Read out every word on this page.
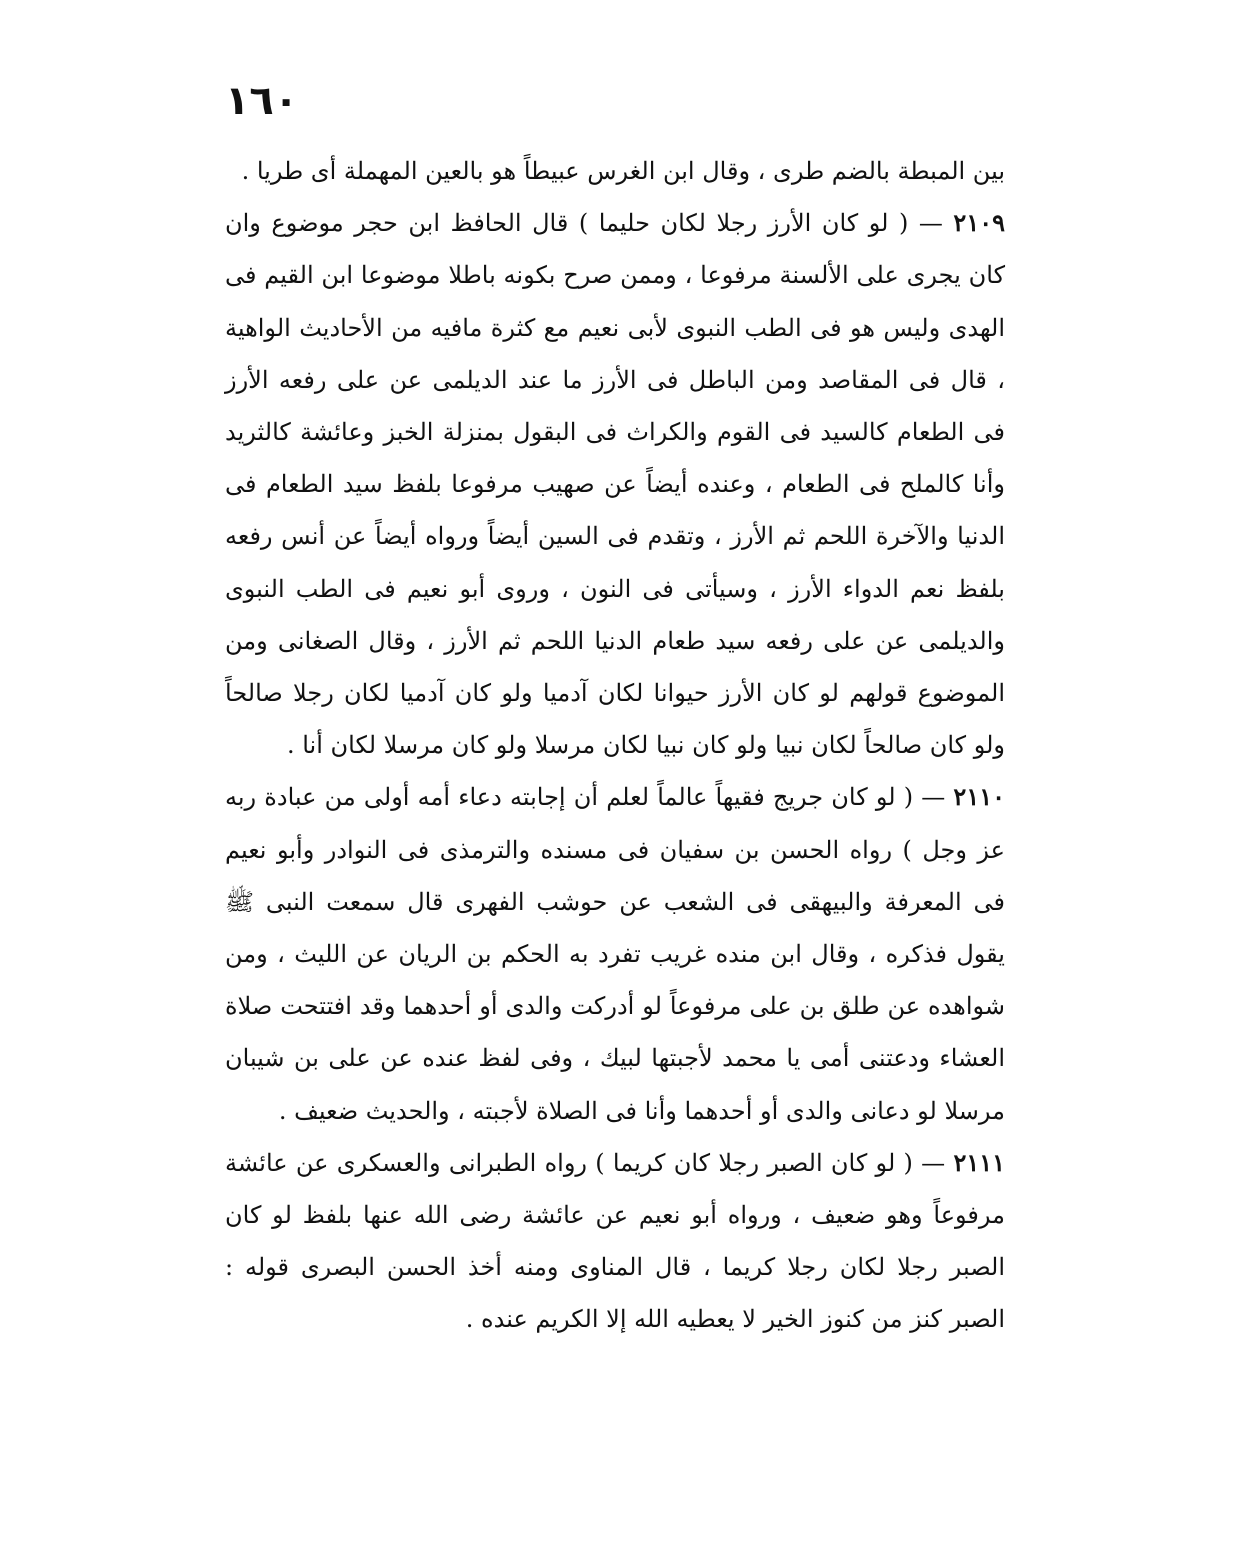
١٦٠

بين المبطة بالضم طرى ، وقال ابن الغرس عبيطاً هو بالعين المهملة أى طريا .

٢١٠٩ — ( لو كان الأرز رجلا لكان حليما ) قال الحافظ ابن حجر موضوع وان كان يجرى على الألسنة مرفوعا ، وممن صرح بكونه باطلا موضوعا ابن القيم فى الهدى وليس هو فى الطب النبوى لأبى نعيم مع كثرة مافيه من الأحاديث الواهية ، قال فى المقاصد ومن الباطل فى الأرز ما عند الديلمى عن على رفعه الأرز فى الطعام كالسيد فى القوم والكراث فى البقول بمنزلة الخبز وعائشة كالثريد وأنا كالملح فى الطعام ، وعنده أيضاً عن صهيب مرفوعا بلفظ سيد الطعام فى الدنيا والآخرة اللحم ثم الأرز ، وتقدم فى السين أيضاً ورواه أيضاً عن أنس رفعه بلفظ نعم الدواء الأرز ، وسيأتى فى النون ، وروى أبو نعيم فى الطب النبوى والديلمى عن على رفعه سيد طعام الدنيا اللحم ثم الأرز ، وقال الصغانى ومن الموضوع قولهم لو كان الأرز حيوانا لكان آدميا ولو كان آدميا لكان رجلا صالحاً ولو كان صالحاً لكان نبيا ولو كان نبيا لكان مرسلا ولو كان مرسلا لكان أنا .

٢١١٠ — ( لو كان جريج فقيهاً عالماً لعلم أن إجابته دعاء أمه أولى من عبادة ربه عز وجل ) رواه الحسن بن سفيان فى مسنده والترمذى فى النوادر وأبو نعيم فى المعرفة والبيهقى فى الشعب عن حوشب الفهرى قال سمعت النبى ﷺ يقول فذكره ، وقال ابن منده غريب تفرد به الحكم بن الريان عن الليث ، ومن شواهده عن طلق بن على مرفوعاً لو أدركت والدى أو أحدهما وقد افتتحت صلاة العشاء ودعتنى أمى يا محمد لأجبتها لبيك ، وفى لفظ عنده عن على بن شيبان مرسلا لو دعانى والدى أو أحدهما وأنا فى الصلاة لأجبته ، والحديث ضعيف .

٢١١١ — ( لو كان الصبر رجلا كان كريما ) رواه الطبرانى والعسكرى عن عائشة مرفوعاً وهو ضعيف ، ورواه أبو نعيم عن عائشة رضى الله عنها بلفظ لو كان الصبر رجلا لكان رجلا كريما ، قال المناوى ومنه أخذ الحسن البصرى قوله : الصبر كنز من كنوز الخير لا يعطيه الله إلا الكريم عنده .
